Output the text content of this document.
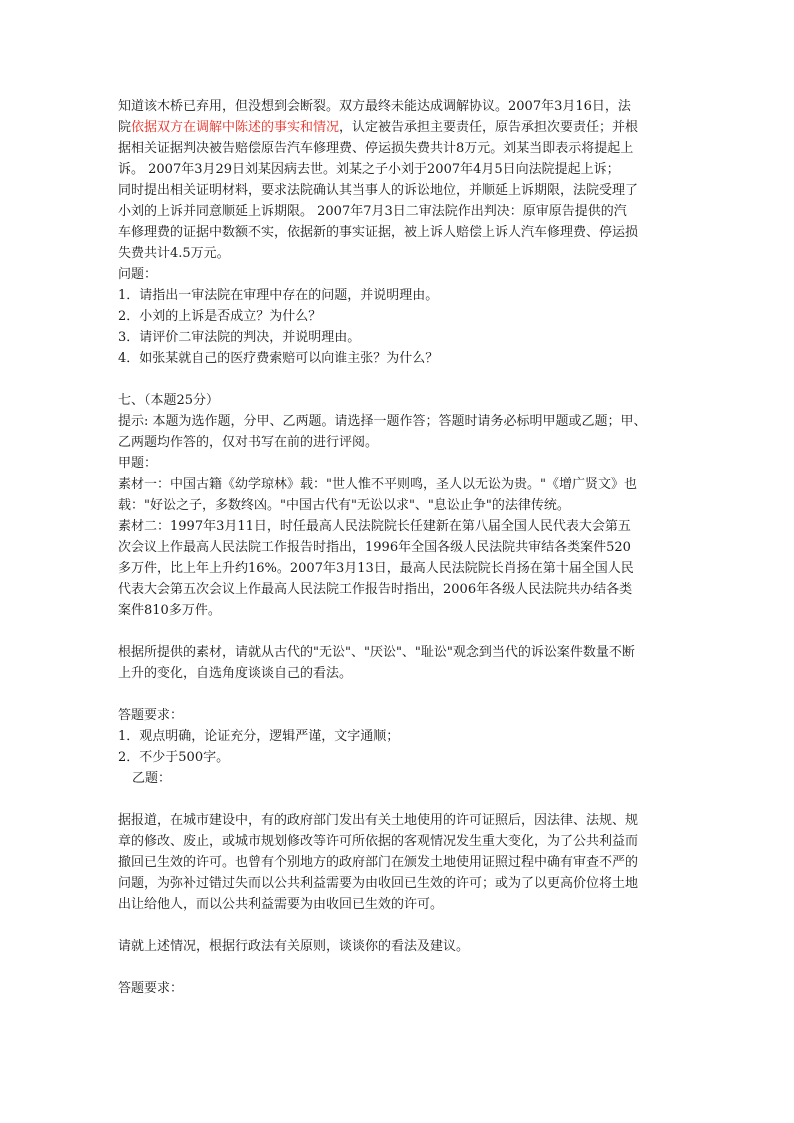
知道该木桥已弃用，但没想到会断裂。双方最终未能达成调解协议。2007年3月16日，法

院依据双方在调解中陈述的事实和情况，认定被告承担主要责任，原告承担次要责任；并根

据相关证据判决被告赔偿原告汽车修理费、停运损失费共计8万元。刘某当即表示将提起上

诉。 2007年3月29日刘某因病去世。刘某之子小刘于2007年4月5日向法院提起上诉；

同时提出相关证明材料，要求法院确认其当事人的诉讼地位，并顺延上诉期限，法院受理了

小刘的上诉并同意顺延上诉期限。 2007年7月3日二审法院作出判决：原审原告提供的汽

车修理费的证据中数额不实，依据新的事实证据，被上诉人赔偿上诉人汽车修理费、停运损

失费共计4.5万元。

问题：

1．请指出一审法院在审理中存在的问题，并说明理由。

2．小刘的上诉是否成立？为什么？

3．请评价二审法院的判决，并说明理由。

4．如张某就自己的医疗费索赔可以向谁主张？为什么？

七、（本题25分）

提示: 本题为选作题，分甲、乙两题。请选择一题作答；答题时请务必标明甲题或乙题；甲、

乙两题均作答的，仅对书写在前的进行评阅。

甲题：

素材一：中国古籍《幼学琼林》载："世人惟不平则鸣，圣人以无讼为贵。"《增广贤文》也

载："好讼之子，多数终凶。"中国古代有"无讼以求"、"息讼止争"的法律传统。

素材二：1997年3月11日，时任最高人民法院院长任建新在第八届全国人民代表大会第五

次会议上作最高人民法院工作报告时指出，1996年全国各级人民法院共审结各类案件520

多万件，比上年上升约16%。2007年3月13日，最高人民法院院长肖扬在第十届全国人民

代表大会第五次会议上作最高人民法院工作报告时指出，2006年各级人民法院共办结各类

案件810多万件。

根据所提供的素材，请就从古代的"无讼"、"厌讼"、"耻讼"观念到当代的诉讼案件数量不断

上升的变化，自选角度谈谈自己的看法。

答题要求：

1．观点明确，论证充分，逻辑严谨，文字通顺；

2．不少于500字。

乙题：

据报道，在城市建设中，有的政府部门发出有关土地使用的许可证照后，因法律、法规、规

章的修改、废止，或城市规划修改等许可所依据的客观情况发生重大变化，为了公共利益而

撤回已生效的许可。也曾有个别地方的政府部门在颁发土地使用证照过程中确有审查不严的

问题，为弥补过错过失而以公共利益需要为由收回已生效的许可；或为了以更高价位将土地

出让给他人，而以公共利益需要为由收回已生效的许可。

请就上述情况，根据行政法有关原则，谈谈你的看法及建议。

答题要求：
